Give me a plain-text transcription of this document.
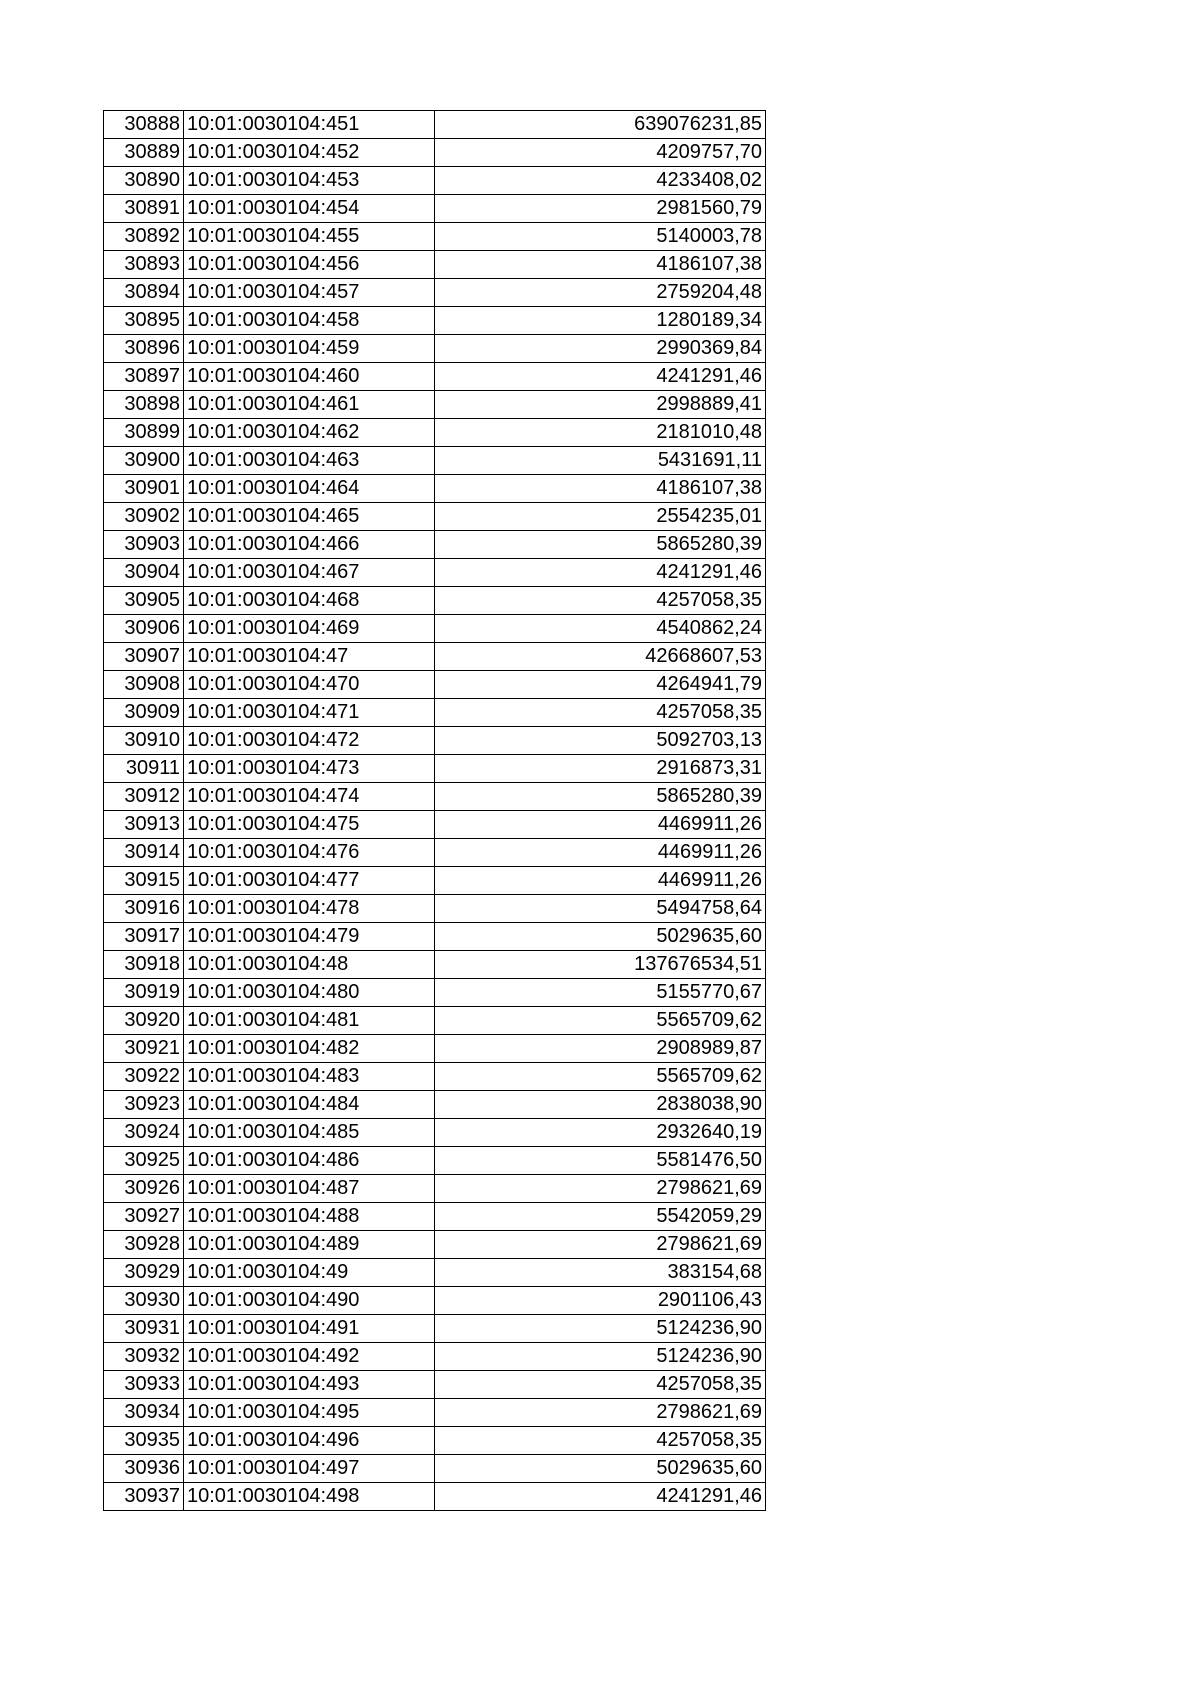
30888	10:01:0030104:451	639076231,85
30889	10:01:0030104:452	4209757,70
30890	10:01:0030104:453	4233408,02
30891	10:01:0030104:454	2981560,79
30892	10:01:0030104:455	5140003,78
30893	10:01:0030104:456	4186107,38
30894	10:01:0030104:457	2759204,48
30895	10:01:0030104:458	1280189,34
30896	10:01:0030104:459	2990369,84
30897	10:01:0030104:460	4241291,46
30898	10:01:0030104:461	2998889,41
30899	10:01:0030104:462	2181010,48
30900	10:01:0030104:463	5431691,11
30901	10:01:0030104:464	4186107,38
30902	10:01:0030104:465	2554235,01
30903	10:01:0030104:466	5865280,39
30904	10:01:0030104:467	4241291,46
30905	10:01:0030104:468	4257058,35
30906	10:01:0030104:469	4540862,24
30907	10:01:0030104:47	42668607,53
30908	10:01:0030104:470	4264941,79
30909	10:01:0030104:471	4257058,35
30910	10:01:0030104:472	5092703,13
30911	10:01:0030104:473	2916873,31
30912	10:01:0030104:474	5865280,39
30913	10:01:0030104:475	4469911,26
30914	10:01:0030104:476	4469911,26
30915	10:01:0030104:477	4469911,26
30916	10:01:0030104:478	5494758,64
30917	10:01:0030104:479	5029635,60
30918	10:01:0030104:48	137676534,51
30919	10:01:0030104:480	5155770,67
30920	10:01:0030104:481	5565709,62
30921	10:01:0030104:482	2908989,87
30922	10:01:0030104:483	5565709,62
30923	10:01:0030104:484	2838038,90
30924	10:01:0030104:485	2932640,19
30925	10:01:0030104:486	5581476,50
30926	10:01:0030104:487	2798621,69
30927	10:01:0030104:488	5542059,29
30928	10:01:0030104:489	2798621,69
30929	10:01:0030104:49	383154,68
30930	10:01:0030104:490	2901106,43
30931	10:01:0030104:491	5124236,90
30932	10:01:0030104:492	5124236,90
30933	10:01:0030104:493	4257058,35
30934	10:01:0030104:495	2798621,69
30935	10:01:0030104:496	4257058,35
30936	10:01:0030104:497	5029635,60
30937	10:01:0030104:498	4241291,46
